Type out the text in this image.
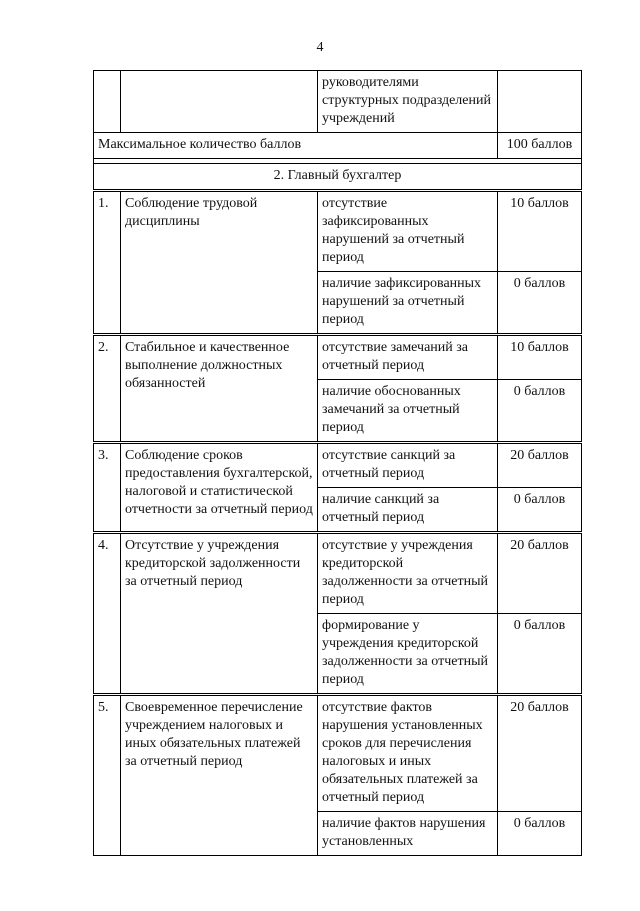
4
		руководителями структурных подразделений учреждений	
Максимальное количество баллов			100 баллов

2. Главный бухгалтер			
1.	Соблюдение трудовой дисциплины	отсутствие зафиксированных нарушений за отчетный период	10 баллов
		наличие зафиксированных нарушений за отчетный период	0 баллов
2.	Стабильное и качественное выполнение должностных обязанностей	отсутствие замечаний за отчетный период	10 баллов
		наличие обоснованных замечаний за отчетный период	0 баллов
3.	Соблюдение сроков предоставления бухгалтерской, налоговой и статистической отчетности за отчетный период	отсутствие санкций за отчетный период	20 баллов
		наличие санкций за отчетный период	0 баллов
4.	Отсутствие у учреждения кредиторской задолженности за отчетный период	отсутствие у учреждения кредиторской задолженности за отчетный период	20 баллов
		формирование у учреждения кредиторской задолженности за отчетный период	0 баллов
5.	Своевременное перечисление учреждением налоговых и иных обязательных платежей за отчетный период	отсутствие фактов нарушения установленных сроков для перечисления налоговых и иных обязательных платежей за отчетный период	20 баллов
		наличие фактов нарушения установленных	0 баллов
